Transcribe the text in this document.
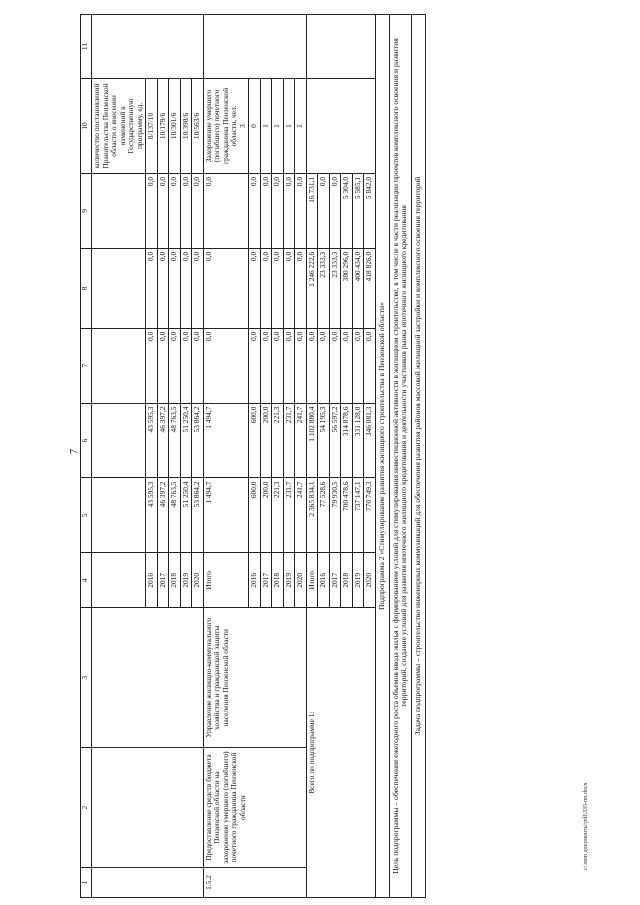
7
1	2	3	4	5	6	7	8	9	10	11
									количество постановлений Правительства Пензенской области о внесении изменений в Государственную программу, ед.	
			2016	43 595,3	43 595,3	0,0	0,0	0,0	8/137/10	
			2017	46 397,2	46 397,2	0,0	0,0	0,0	10/179/6	
			2018	48 763,5	48 763,5	0,0	0,0	0,0	10/301/6	
			2019	51 250,4	51 250,4	0,0	0,0	0,0	10/398/6	
			2020	53 864,2	53 864,2	0,0	0,0	0,0	10/563/6	
1.5.2	Предоставление средств бюджета Пензенской области на захоронение умершего (погибшего) почетного гражданина Пензенской области	Управление жилищно-коммунального хозяйства и гражданской защиты населения Пензенской области	Итого	1 494,7	1 494,7	0,0	0,0	0,0	Захоронение умершего (погибшего) почетного гражданина Пензенской области, чел. 3	

			2016	600,0	600,0	0,0	0,0	0,0	0	
			2017	200,0	200,0	0,0	0,0	0,0	1	
			2018	221,3	221,3	0,0	0,0	0,0	1	
			2019	231,7	231,7	0,0	0,0	0,0	1	
			2020	241,7	241,7	0,0	0,0	0,0	1	
Всего по подпрограмме 1:			Итого	2 365 834,1	1 102 880,4	0,0	1 246 222,6	16 731,1		
			2016	77 528,6	54 195,3	0,0	23 333,3	0,0		
			2017	79 930,5	56 597,2	0,0	23 333,3	0,0		
			2018	700 478,6	314 878,6	0,0	380 296,0	5 304,0		
			2019	737 147,1	331 128,0	0,0	400 434,0	5 585,1		
			2020	770 749,3	346 081,3	0,0	418 826,0	5 842,0		
Подпрограмма 2 «Стимулирование развития жилищного строительства в Пензенской области»										
Цель подпрограммы – обеспечение ежегодного роста объемов ввода жилья с формированием условий для стимулирования инвестиционной активности в жилищном строительстве, в том числе в части реализации проектов комплексного освоения и развития территорий, создание условий для развития ипотечного жилищного кредитования и деятельности участников рынка ипотечного жилищного кредитования										
Задача подпрограммы – строительство инженерных коммуникаций для обеспечения развития районов массовой жилищной застройки и комплексного освоения территорий										
c:\мои документы\pdf\335-пп.docx
